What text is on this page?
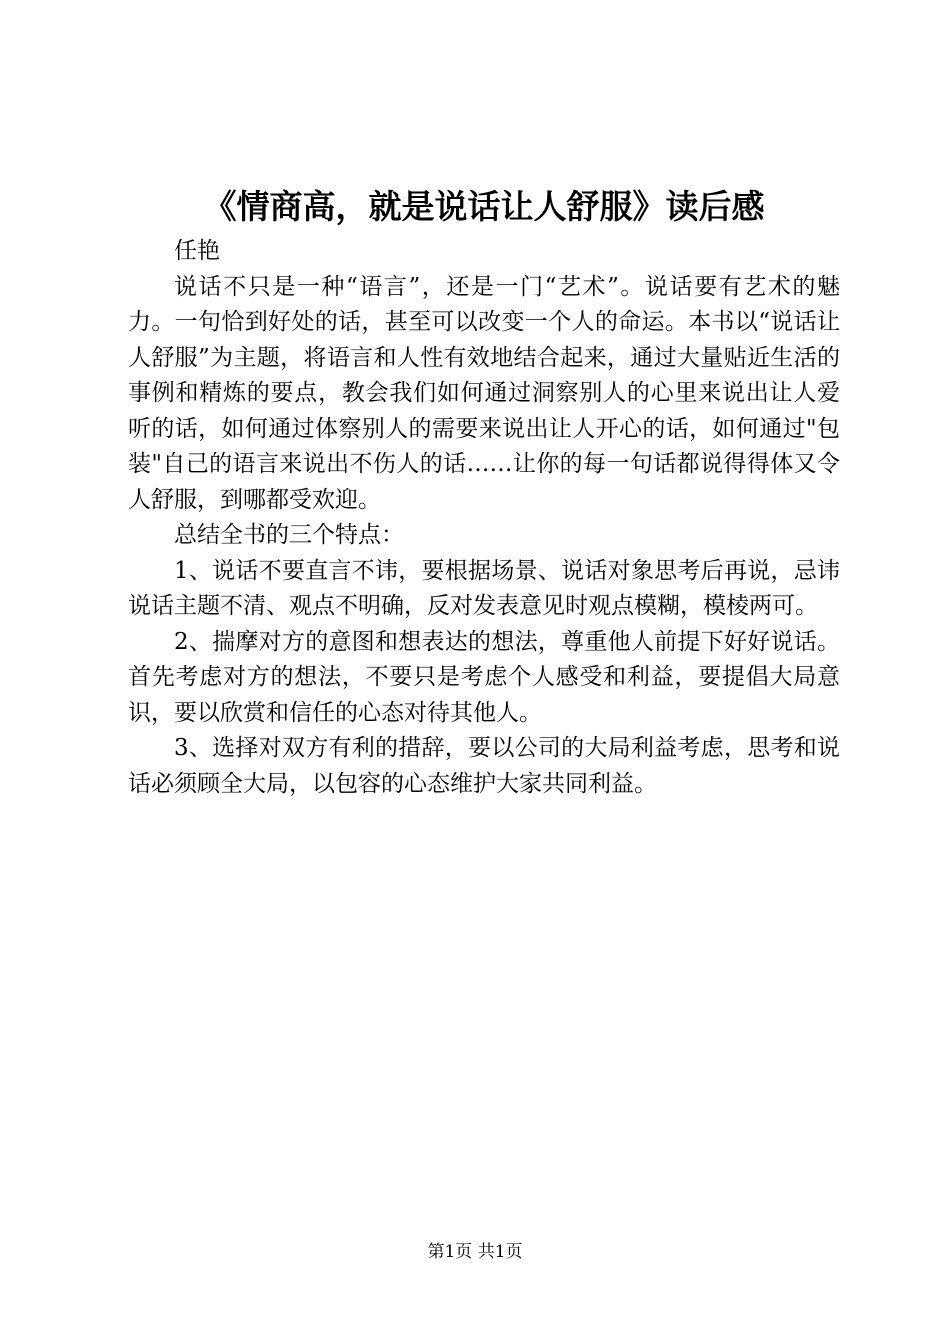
《情商高，就是说话让人舒服》读后感

任艳

说话不只是一种“语言”，还是一门“艺术”。说话要有艺术的魅力。一句恰到好处的话，甚至可以改变一个人的命运。本书以“说话让人舒服”为主题，将语言和人性有效地结合起来，通过大量贴近生活的事例和精炼的要点，教会我们如何通过洞察别人的心里来说出让人爱听的话，如何通过体察别人的需要来说出让人开心的话，如何通过"包装"自己的语言来说出不伤人的话……让你的每一句话都说得得体又令人舒服，到哪都受欢迎。

总结全书的三个特点：

1、说话不要直言不讳，要根据场景、说话对象思考后再说，忌讳说话主题不清、观点不明确，反对发表意见时观点模糊，模棱两可。

2、揣摩对方的意图和想表达的想法，尊重他人前提下好好说话。首先考虑对方的想法，不要只是考虑个人感受和利益，要提倡大局意识，要以欣赏和信任的心态对待其他人。

3、选择对双方有利的措辞，要以公司的大局利益考虑，思考和说话必须顾全大局，以包容的心态维护大家共同利益。

第1页 共1页
